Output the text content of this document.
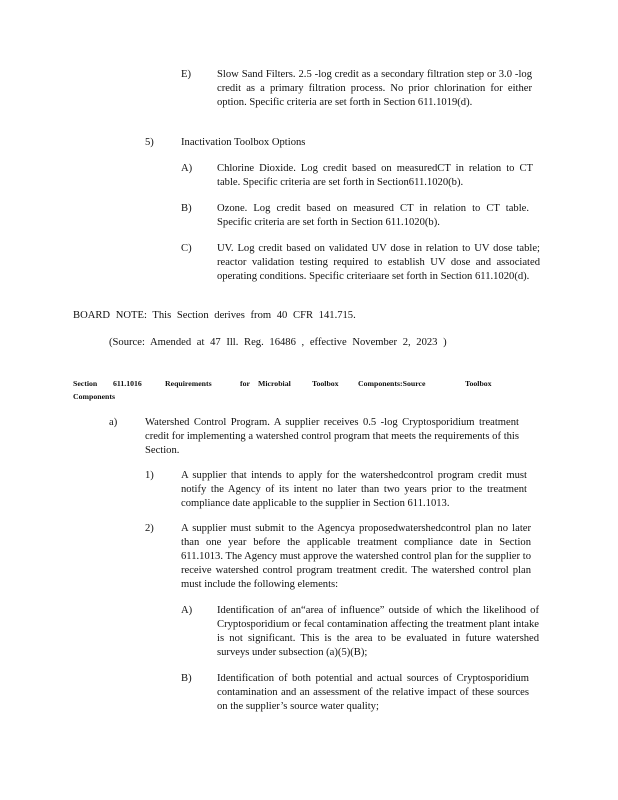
E) Slow Sand Filters. 2.5 -log credit as a secondary filtration step or 3.0 -log credit as a primary filtration process. No prior chlorination for either option. Specific criteria are set forth in Section 611.1019(d).
5)	Inactivation Toolbox Options
A) Chlorine Dioxide. Log credit based on measuredCT in relation to CT table. Specific criteria are set forth in Section611.1020(b).
B) Ozone. Log credit based on measured CT in relation to CT table. Specific criteria are set forth in Section 611.1020(b).
C) UV. Log credit based on validated UV dose in relation to UV dose table; reactor validation testing required to establish UV dose and associated operating conditions. Specific criteriaare set forth in Section 611.1020(d).
BOARD NOTE: This Section derives from 40 CFR 141.715.
(Source: Amended at 47 Ill. Reg. 16486 , effective November 2, 2023 )
Section 611.1016	Requirements	for Microbial	Toolbox Components:Source	Toolbox
Components
a)	Watershed Control Program. A supplier receives 0.5 -log Cryptosporidium treatment credit for implementing a watershed control program that meets the requirements of this Section.
1)	A supplier that intends to apply for the watershedcontrol program credit must notify the Agency of its intent no later than two years prior to the treatment compliance date applicable to the supplier in Section 611.1013.
2)	A supplier must submit to the Agencya proposedwatershedcontrol plan no later than one year before the applicable treatment compliance date in Section 611.1013. The Agency must approve the watershed control plan for the supplier to receive watershed control program treatment credit. The watershed control plan must include the following elements:
A) Identification of an“area of influence” outside of which the likelihood of Cryptosporidium or fecal contamination affecting the treatment plant intake is not significant. This is the area to be evaluated in future watershed surveys under subsection (a)(5)(B);
B) Identification of both potential and actual sources of Cryptosporidium contamination and an assessment of the relative impact of these sources on the supplier’s source water quality;
